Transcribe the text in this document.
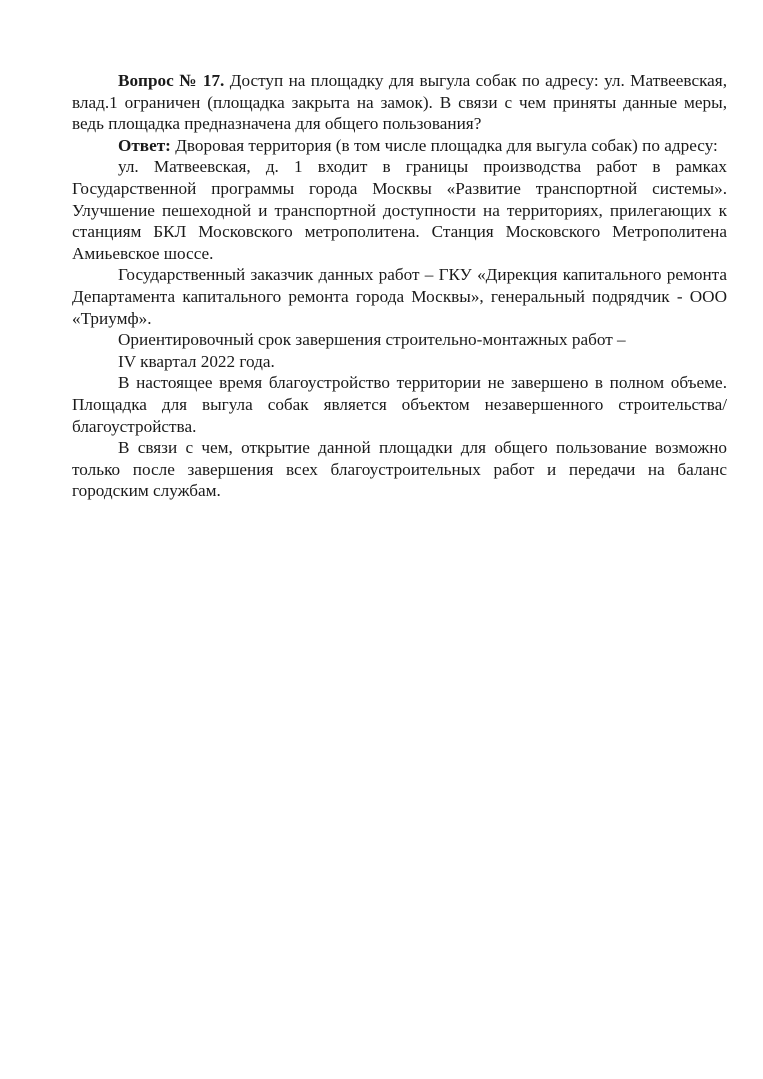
Вопрос № 17. Доступ на площадку для выгула собак по адресу: ул. Матвеевская, влад.1 ограничен (площадка закрыта на замок). В связи с чем приняты данные меры, ведь площадка предназначена для общего пользования?

Ответ: Дворовая территория (в том числе площадка для выгула собак) по адресу:

ул. Матвеевская, д. 1 входит в границы производства работ в рамках Государственной программы города Москвы «Развитие транспортной системы». Улучшение пешеходной и транспортной доступности на территориях, прилегающих к станциям БКЛ Московского метрополитена. Станция Московского Метрополитена Амиьевское шоссе.

Государственный заказчик данных работ – ГКУ «Дирекция капитального ремонта Департамента капитального ремонта города Москвы», генеральный подрядчик - ООО «Триумф».

Ориентировочный срок завершения строительно-монтажных работ –

IV квартал 2022 года.

В настоящее время благоустройство территории не завершено в полном объеме. Площадка для выгула собак является объектом незавершенного строительства/благоустройства.

В связи с чем, открытие данной площадки для общего пользование возможно только после завершения всех благоустроительных работ и передачи на баланс городским службам.
